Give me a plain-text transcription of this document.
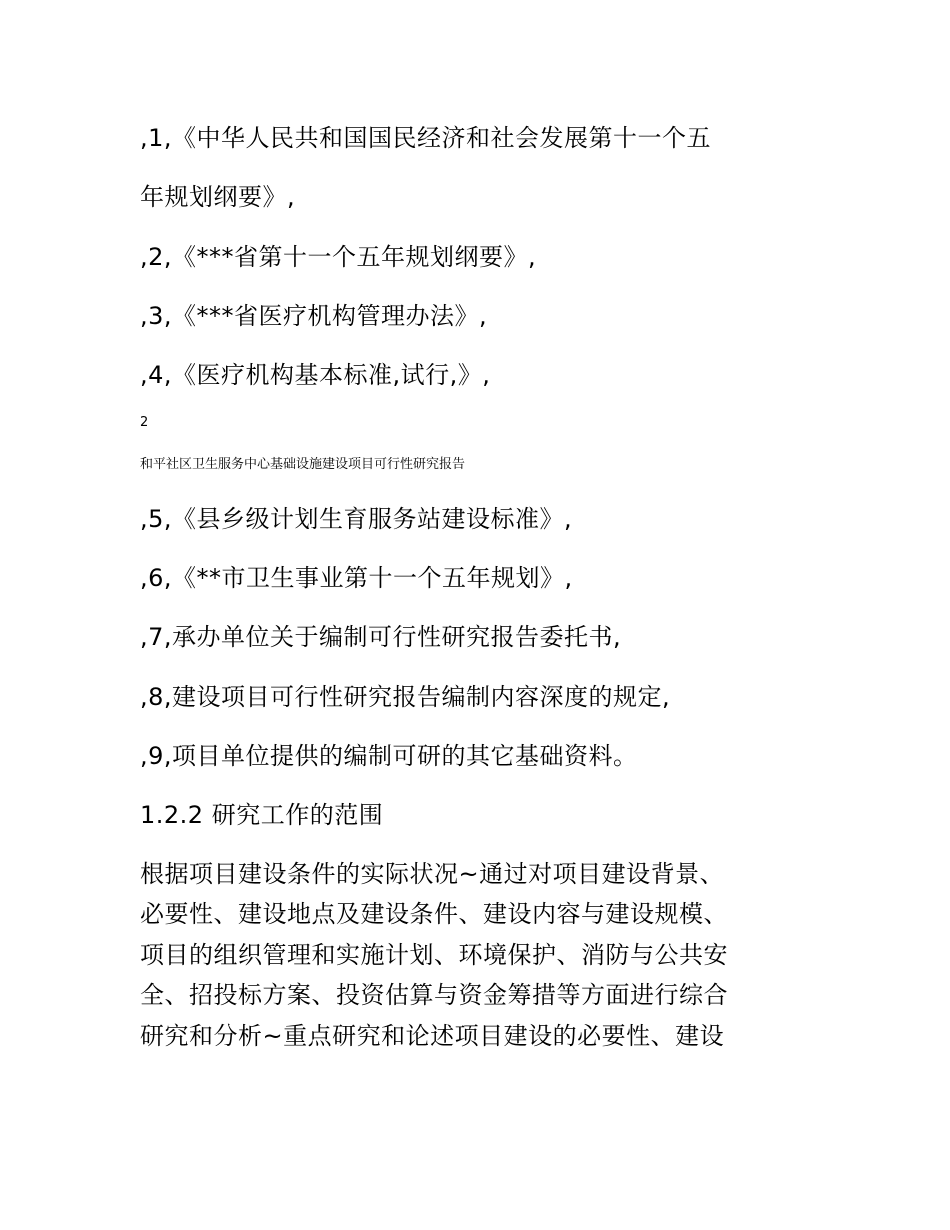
,1,《中华人民共和国国民经济和社会发展第十一个五
年规划纲要》,
,2,《***省第十一个五年规划纲要》,
,3,《***省医疗机构管理办法》,
,4,《医疗机构基本标准,试行,》,
2
和平社区卫生服务中心基础设施建设项目可行性研究报告
,5,《县乡级计划生育服务站建设标准》,
,6,《**市卫生事业第十一个五年规划》,
,7,承办单位关于编制可行性研究报告委托书,
,8,建设项目可行性研究报告编制内容深度的规定,
,9,项目单位提供的编制可研的其它基础资料。
1.2.2 研究工作的范围
根据项目建设条件的实际状况~通过对项目建设背景、
必要性、建设地点及建设条件、建设内容与建设规模、
项目的组织管理和实施计划、环境保护、消防与公共安
全、招投标方案、投资估算与资金筹措等方面进行综合
研究和分析~重点研究和论述项目建设的必要性、建设
